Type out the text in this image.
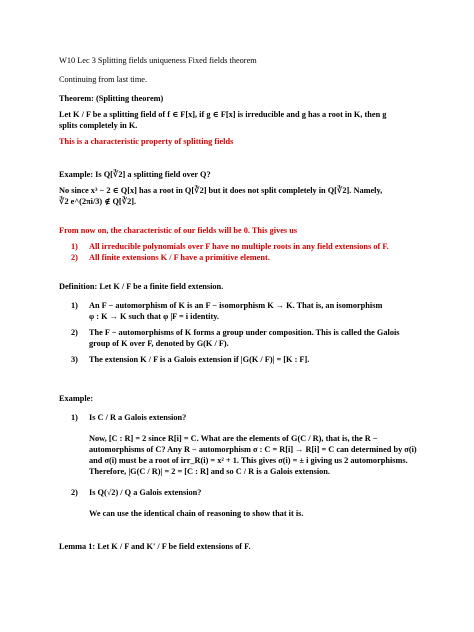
W10 Lec 3 Splitting fields uniqueness Fixed fields theorem

Continuing from last time.

Theorem: (Splitting theorem)

Let K / F be a splitting field of f ∈ F[x], if g ∈ F[x] is irreducible and g has a root in K, then g

splits completely in K.

This is a characteristic property of splitting fields

Example: Is Q[∛2] a splitting field over Q?

No since x³ − 2 ∈ Q[x] has a root in Q[∛2] but it does not split completely in Q[∛2]. Namely,

∛2 e^(2πi/3) ∉ Q[∛2].

From now on, the characteristic of our fields will be 0. This gives us

1) All irreducible polynomials over F have no multiple roots in any field extensions of F.

2) All finite extensions K / F have a primitive element.

Definition: Let K / F be a finite field extension.

1) An F − automorphism of K is an F − isomorphism K → K. That is, an isomorphism
φ : K → K such that φ |F = i identity.

2) The F − automorphisms of K forms a group under composition. This is called the Galois
group of K over F, denoted by G(K / F).

3) The extension K / F is a Galois extension if |G(K / F)| = [K : F].

Example:

1) Is C / R a Galois extension?

Now, [C : R] = 2 since R[i] = C. What are the elements of G(C / R), that is, the R −

automorphisms of C? Any R − automorphism σ : C = R[i] → R[i] = C can determined by σ(i)

and σ(i) must be a root of irr_R(i) = x² + 1. This gives σ(i) = ± i giving us 2 automorphisms.

Therefore, |G(C / R)| = 2 = [C : R] and so C / R is a Galois extension.

2) Is Q(√2) / Q a Galois extension?

We can use the identical chain of reasoning to show that it is.

Lemma 1: Let K / F and K' / F be field extensions of F.
